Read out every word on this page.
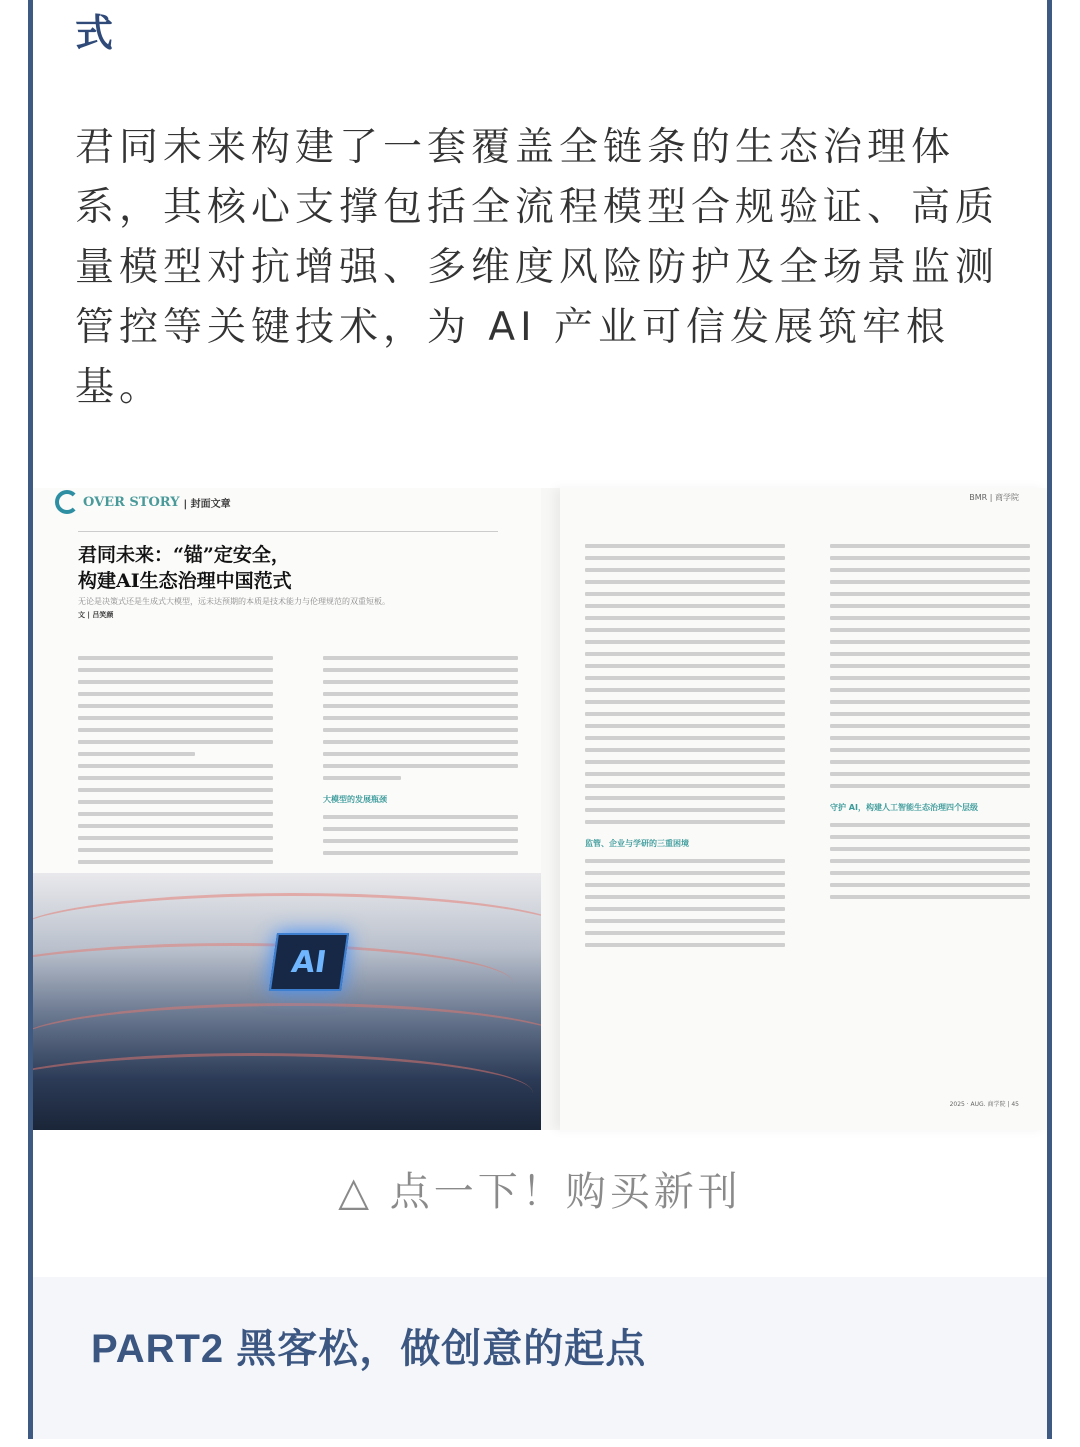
式

君同未来构建了一套覆盖全链条的生态治理体系，其核心支撑包括全流程模型合规验证、高质量模型对抗增强、多维度风险防护及全场景监测管控等关键技术，为 AI 产业可信发展筑牢根基。

OVER STORY | 封面文章
君同未来：“锚”定安全，
构建AI生态治理中国范式
无论是决策式还是生成式大模型，远未达预期的本质是技术能力与伦理规范的双重短板。
文 | 吕笑颜
大模型的发展瓶颈
AI
BMR | 商学院
监管、企业与学研的三重困境
守护 AI，构建人工智能生态治理四个层级
2025 · AUG. 商学院 | 45
△ 点一下！购买新刊
PART2 黑客松，做创意的起点
